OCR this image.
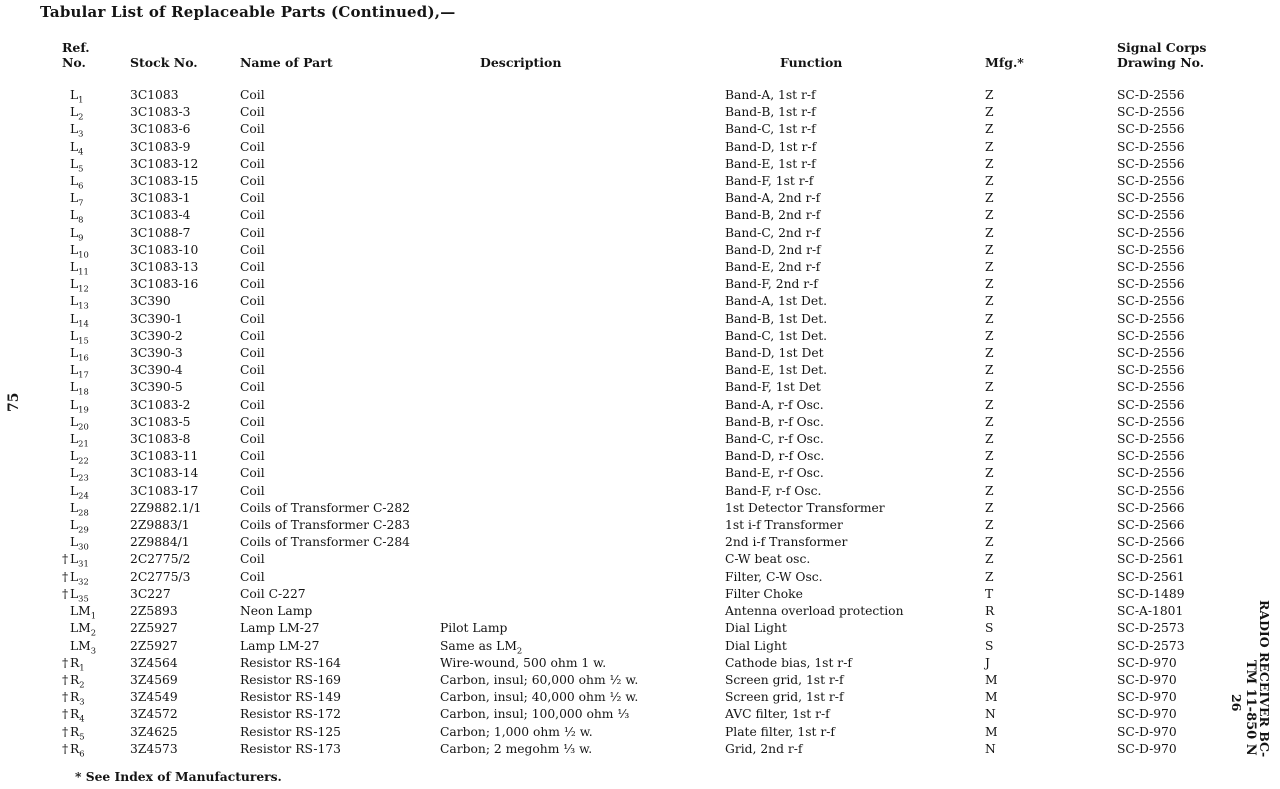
75
Tabular List of Replaceable Parts (Continued),—
Ref.
No.	Stock No.	Name of Part	Description	Function	Mfg.*	Signal Corps
Drawing No.
$L_1$	3C1083	Coil		Band-A, 1st r-f	Z	SC-D-2556
$L_2$	3C1083-3	Coil		Band-B, 1st r-f	Z	SC-D-2556
$L_3$	3C1083-6	Coil		Band-C, 1st r-f	Z	SC-D-2556
$L_4$	3C1083-9	Coil		Band-D, 1st r-f	Z	SC-D-2556
$L_5$	3C1083-12	Coil		Band-E, 1st r-f	Z	SC-D-2556
$L_6$	3C1083-15	Coil		Band-F, 1st r-f	Z	SC-D-2556
$L_7$	3C1083-1	Coil		Band-A, 2nd r-f	Z	SC-D-2556
$L_8$	3C1083-4	Coil		Band-B, 2nd r-f	Z	SC-D-2556
$L_9$	3C1088-7	Coil		Band-C, 2nd r-f	Z	SC-D-2556
$L_{10}$	3C1083-10	Coil		Band-D, 2nd r-f	Z	SC-D-2556
$L_{11}$	3C1083-13	Coil		Band-E, 2nd r-f	Z	SC-D-2556
$L_{12}$	3C1083-16	Coil		Band-F, 2nd r-f	Z	SC-D-2556
$L_{13}$	3C390	Coil		Band-A, 1st Det.	Z	SC-D-2556
$L_{14}$	3C390-1	Coil		Band-B, 1st Det.	Z	SC-D-2556
$L_{15}$	3C390-2	Coil		Band-C, 1st Det.	Z	SC-D-2556
$L_{16}$	3C390-3	Coil		Band-D, 1st Det	Z	SC-D-2556
$L_{17}$	3C390-4	Coil		Band-E, 1st Det.	Z	SC-D-2556
$L_{18}$	3C390-5	Coil		Band-F, 1st Det	Z	SC-D-2556
$L_{19}$	3C1083-2	Coil		Band-A, r-f Osc.	Z	SC-D-2556
$L_{20}$	3C1083-5	Coil		Band-B, r-f Osc.	Z	SC-D-2556
$L_{21}$	3C1083-8	Coil		Band-C, r-f Osc.	Z	SC-D-2556
$L_{22}$	3C1083-11	Coil		Band-D, r-f Osc.	Z	SC-D-2556
$L_{23}$	3C1083-14	Coil		Band-E, r-f Osc.	Z	SC-D-2556
$L_{24}$	3C1083-17	Coil		Band-F, r-f Osc.	Z	SC-D-2556
$L_{28}$	2Z9882.1/1	Coils of Transformer C-282		1st Detector Transformer	Z	SC-D-2566
$L_{29}$	2Z9883/1	Coils of Transformer C-283		1st i-f Transformer	Z	SC-D-2566
$L_{30}$	2Z9884/1	Coils of Transformer C-284		2nd i-f Transformer	Z	SC-D-2566
† $L_{31}$	2C2775/2	Coil		C-W beat osc.	Z	SC-D-2561
† $L_{32}$	2C2775/3	Coil		Filter, C-W Osc.	Z	SC-D-2561
† $L_{35}$	3C227	Coil C-227		Filter Choke	T	SC-D-1489
$LM_1$	2Z5893	Neon Lamp		Antenna overload protection	R	SC-A-1801
$LM_2$	2Z5927	Lamp LM-27	Pilot Lamp	Dial Light	S	SC-D-2573
$LM_3$	2Z5927	Lamp LM-27	Same as $LM_2$	Dial Light	S	SC-D-2573
† $R_1$	3Z4564	Resistor RS-164	Wire-wound, 500 ohm 1 w.	Cathode bias, 1st r-f	J	SC-D-970
† $R_2$	3Z4569	Resistor RS-169	Carbon, insul; 60,000 ohm ½ w.	Screen grid, 1st r-f	M	SC-D-970
† $R_3$	3Z4549	Resistor RS-149	Carbon, insul; 40,000 ohm ½ w.	Screen grid, 1st r-f	M	SC-D-970
† $R_4$	3Z4572	Resistor RS-172	Carbon, insul; 100,000 ohm ⅓	AVC filter, 1st r-f	N	SC-D-970
† $R_5$	3Z4625	Resistor RS-125	Carbon; 1,000 ohm ½ w.	Plate filter, 1st r-f	M	SC-D-970
† $R_6$	3Z4573	Resistor RS-173	Carbon; 2 megohm ⅓ w.	Grid, 2nd r-f	N	SC-D-970
* See Index of Manufacturers.
RADIO RECEIVER BC-
TM 11-850 N
26
